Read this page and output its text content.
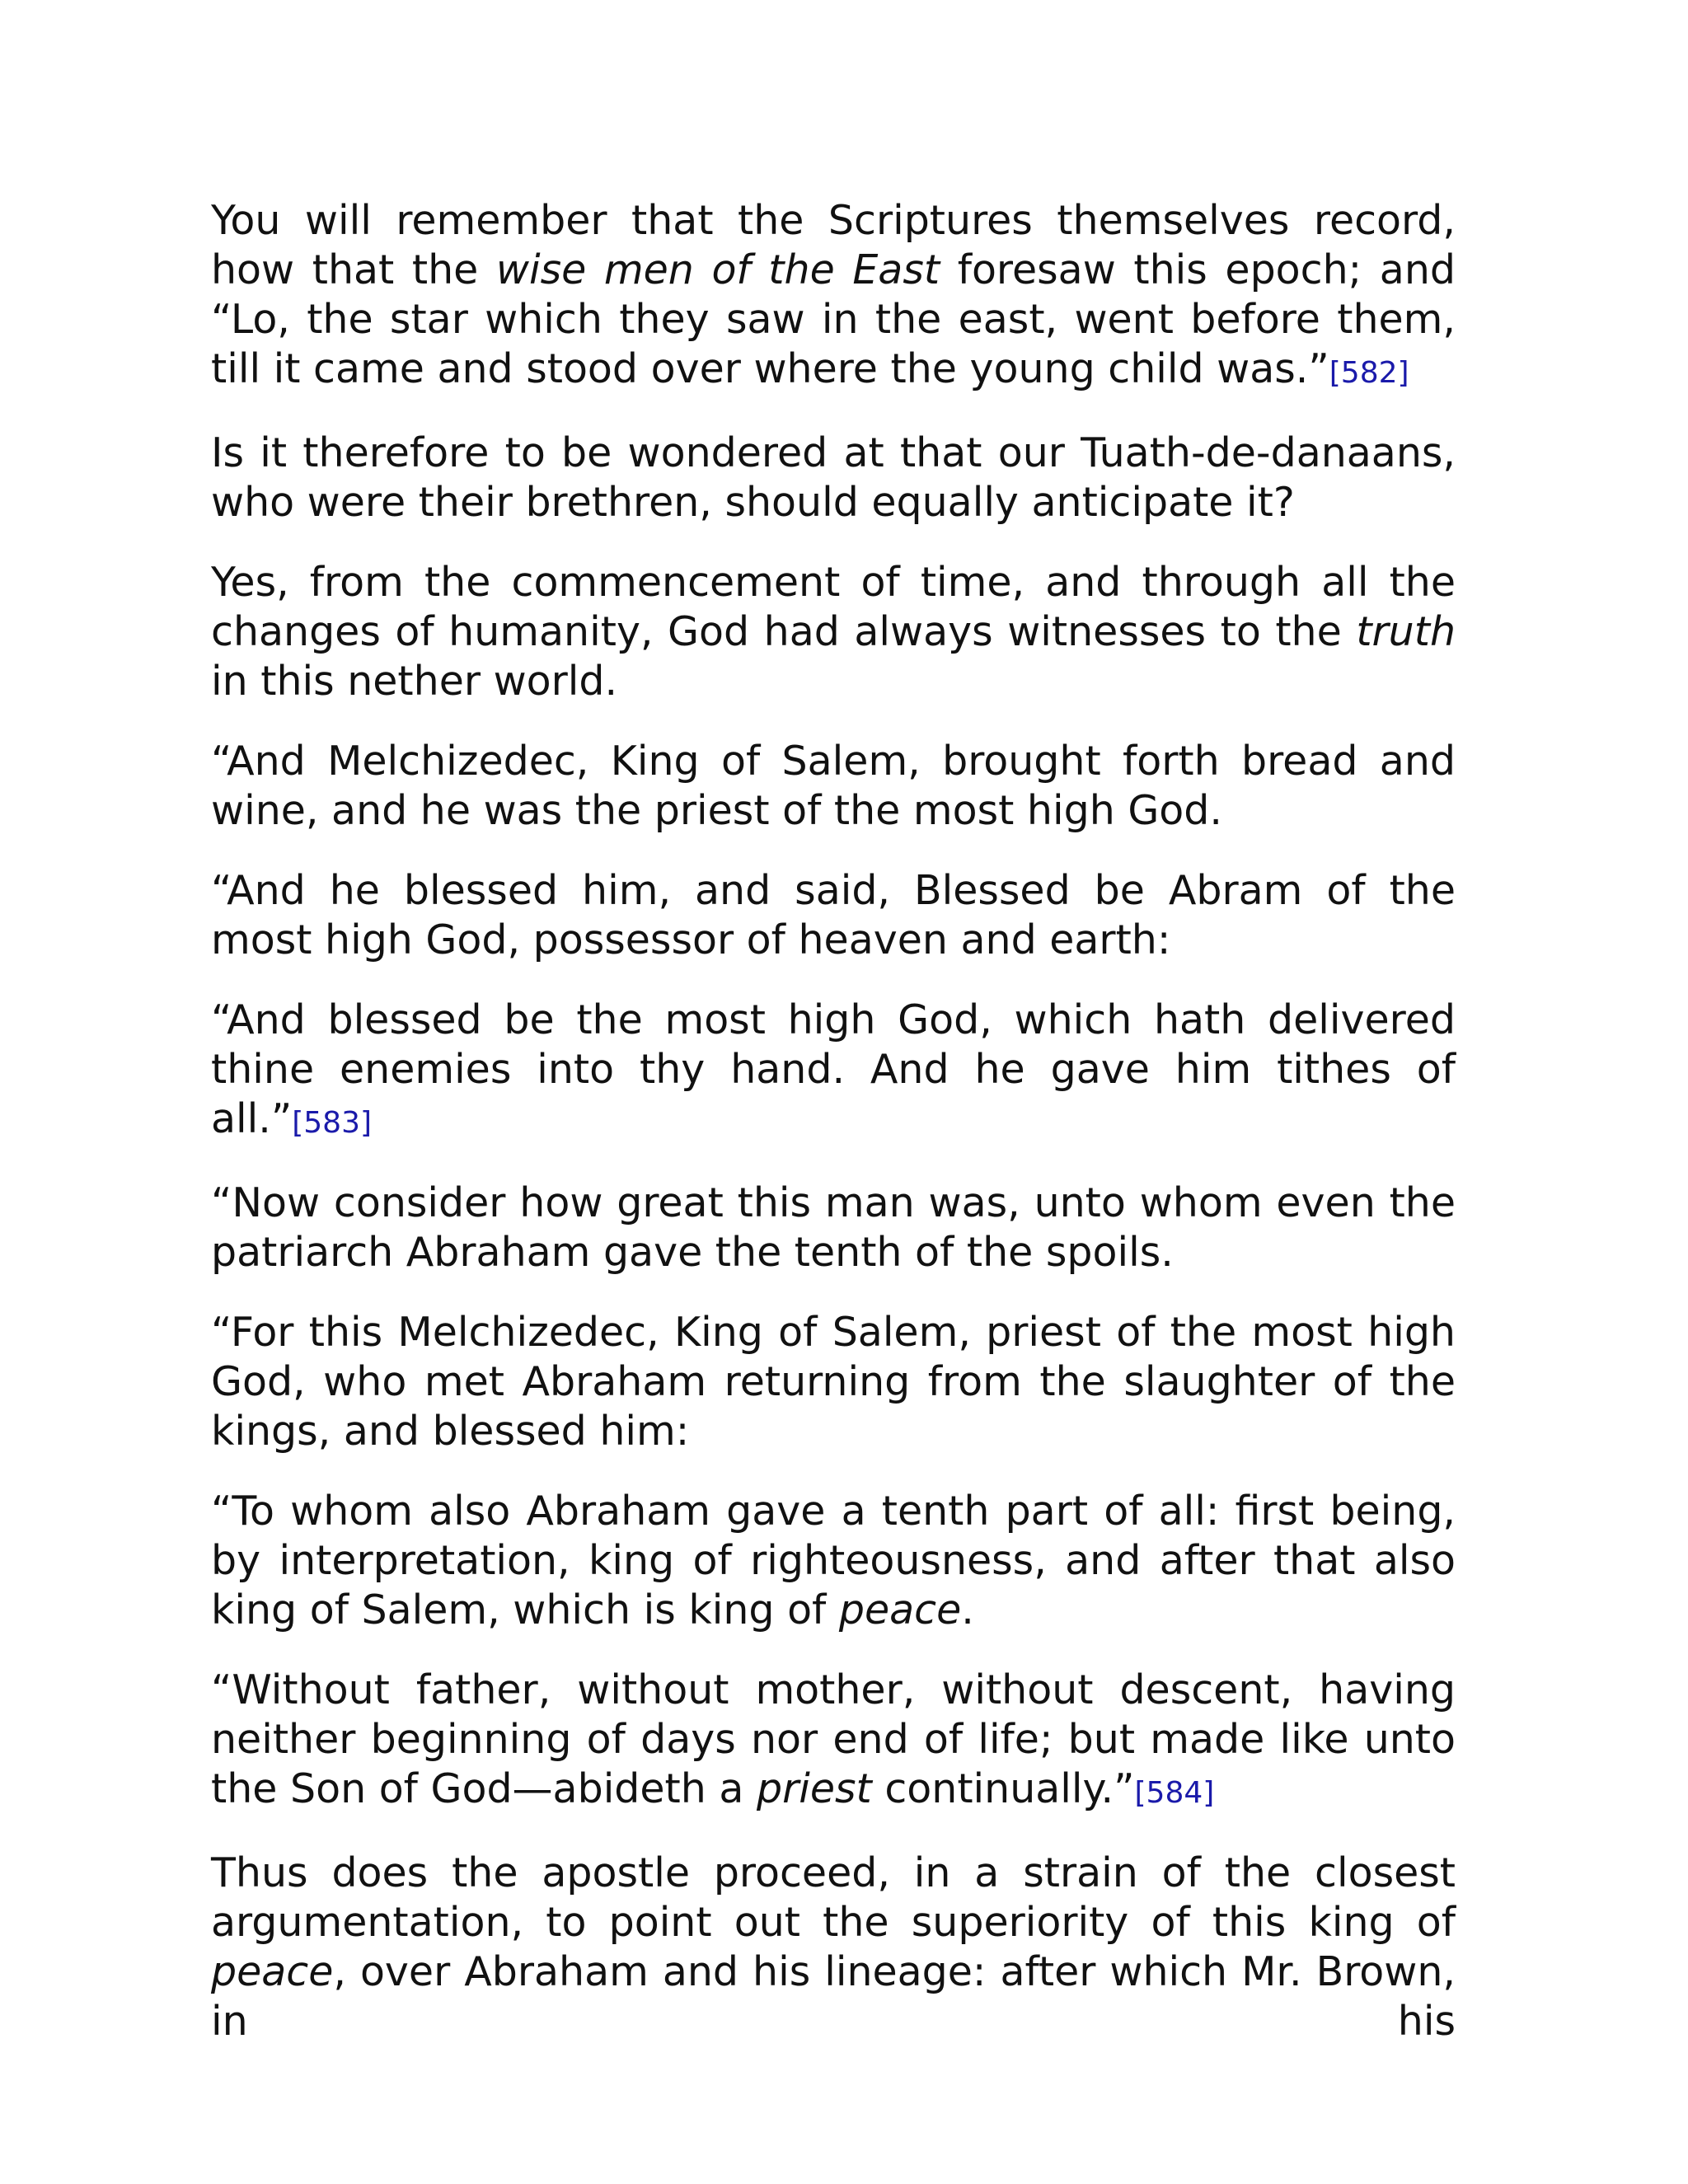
You will remember that the Scriptures themselves record, how that the wise men of the East foresaw this epoch; and “Lo, the star which they saw in the east, went before them, till it came and stood over where the young child was.”[582]

Is it therefore to be wondered at that our Tuath-de-danaans, who were their brethren, should equally anticipate it?

Yes, from the commencement of time, and through all the changes of humanity, God had always witnesses to the truth in this nether world.

“And Melchizedec, King of Salem, brought forth bread and wine, and he was the priest of the most high God.

“And he blessed him, and said, Blessed be Abram of the most high God, possessor of heaven and earth:

“And blessed be the most high God, which hath delivered thine enemies into thy hand. And he gave him tithes of all.”[583]

“Now consider how great this man was, unto whom even the patriarch Abraham gave the tenth of the spoils.

“For this Melchizedec, King of Salem, priest of the most high God, who met Abraham returning from the slaughter of the kings, and blessed him:

“To whom also Abraham gave a tenth part of all: first being, by interpretation, king of righteousness, and after that also king of Salem, which is king of peace.

“Without father, without mother, without descent, having neither beginning of days nor end of life; but made like unto the Son of God—abideth a priest continually.”[584]

Thus does the apostle proceed, in a strain of the closest argumentation, to point out the superiority of this king of peace, over Abraham and his lineage: after which Mr. Brown, in his
